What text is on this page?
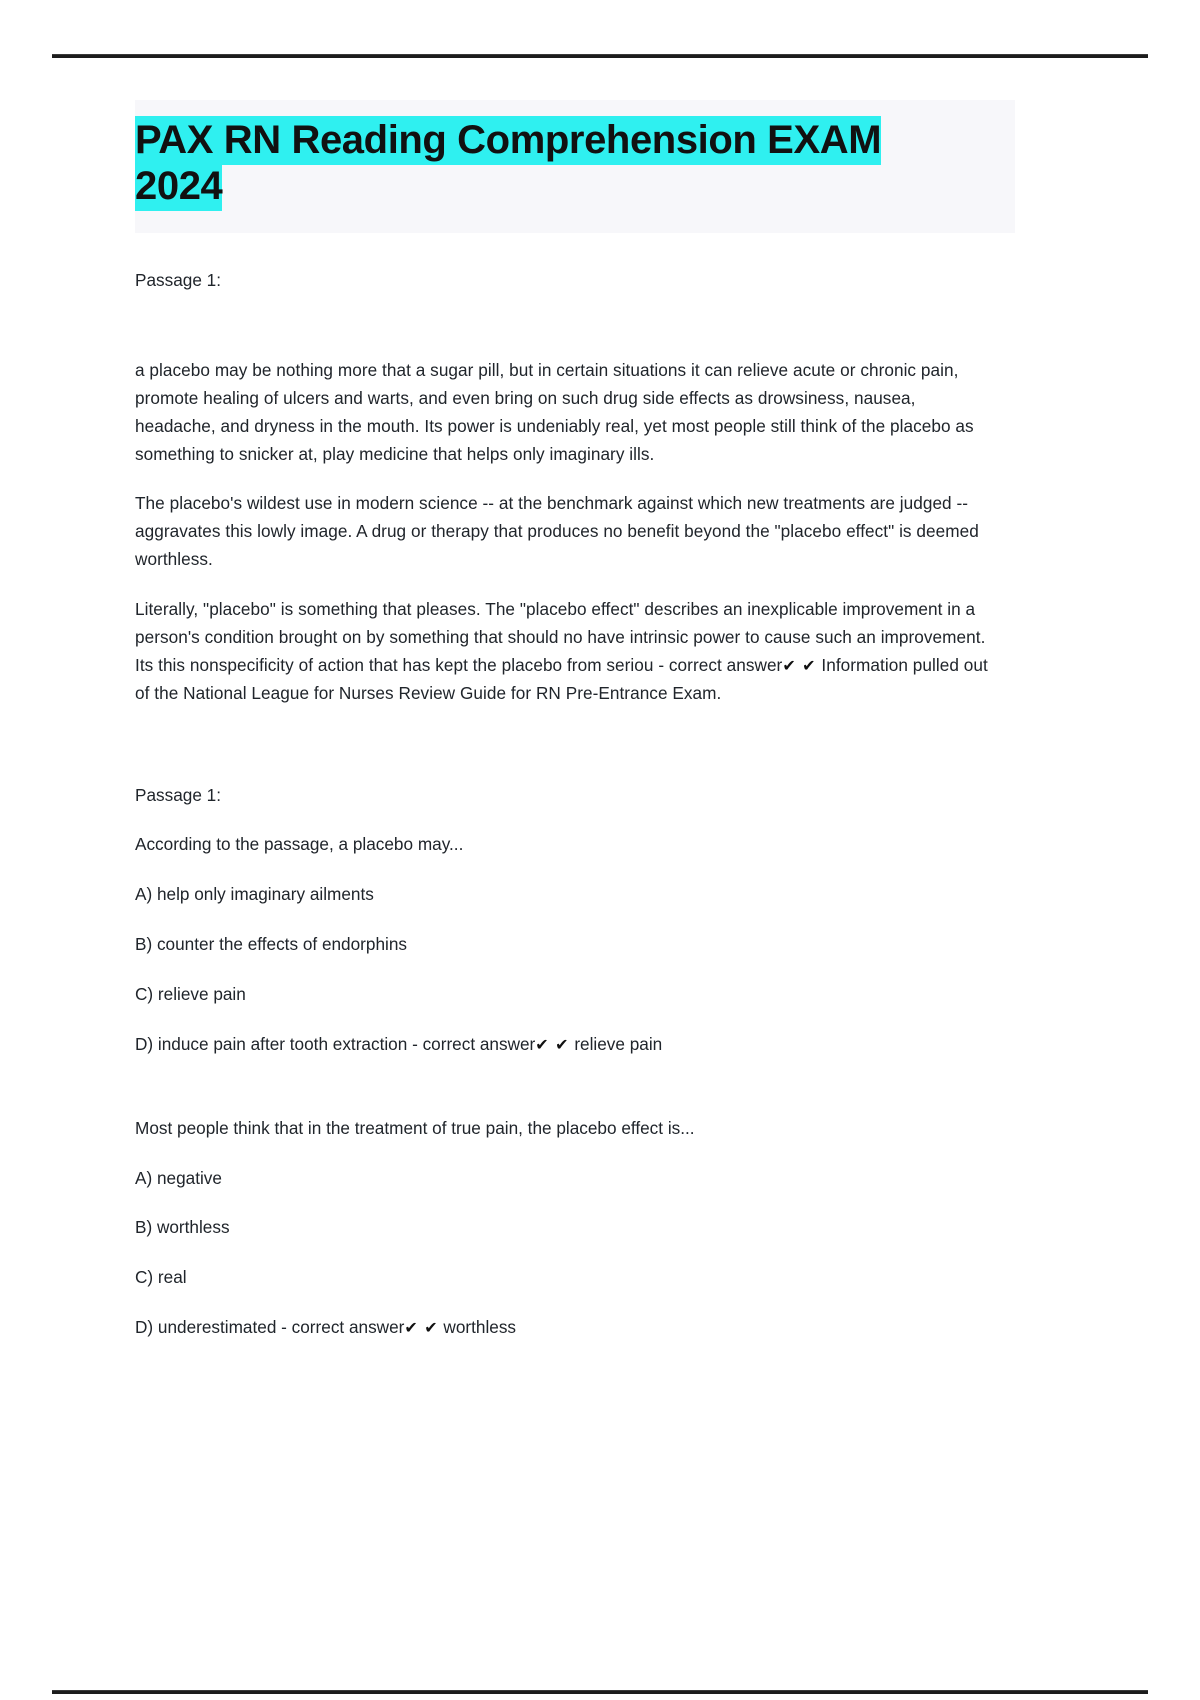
PAX RN Reading Comprehension EXAM
2024
Passage 1:

a placebo may be nothing more that a sugar pill, but in certain situations it can relieve acute or chronic pain, promote healing of ulcers and warts, and even bring on such drug side effects as drowsiness, nausea, headache, and dryness in the mouth. Its power is undeniably real, yet most people still think of the placebo as something to snicker at, play medicine that helps only imaginary ills.

The placebo's wildest use in modern science -- at the benchmark against which new treatments are judged -- aggravates this lowly image. A drug or therapy that produces no benefit beyond the "placebo effect" is deemed worthless.

Literally, "placebo" is something that pleases. The "placebo effect" describes an inexplicable improvement in a person's condition brought on by something that should no have intrinsic power to cause such an improvement. Its this nonspecificity of action that has kept the placebo from seriou - correct answer✔ ✔ Information pulled out of the National League for Nurses Review Guide for RN Pre-Entrance Exam.

Passage 1:
According to the passage, a placebo may...
A) help only imaginary ailments
B) counter the effects of endorphins
C) relieve pain
D) induce pain after tooth extraction - correct answer✔ ✔ relieve pain
Most people think that in the treatment of true pain, the placebo effect is...
A) negative
B) worthless
C) real
D) underestimated - correct answer✔ ✔ worthless
